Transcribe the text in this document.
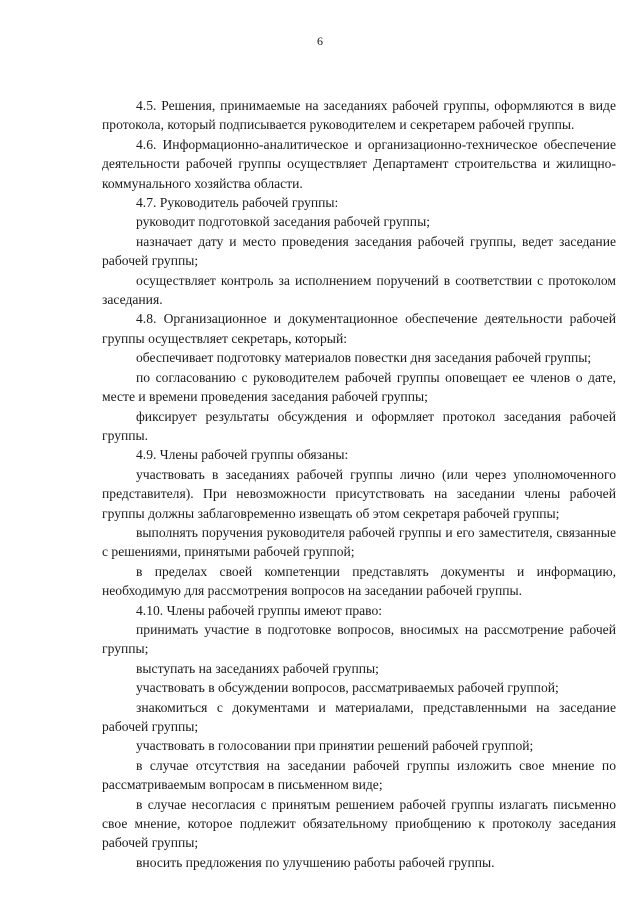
6

4.5. Решения, принимаемые на заседаниях рабочей группы, оформляются в виде протокола, который подписывается руководителем и секретарем рабочей группы.

4.6. Информационно-аналитическое и организационно-техническое обеспечение деятельности рабочей группы осуществляет Департамент строительства и жилищно-коммунального хозяйства области.

4.7. Руководитель рабочей группы:

руководит подготовкой заседания рабочей группы;

назначает дату и место проведения заседания рабочей группы, ведет заседание рабочей группы;

осуществляет контроль за исполнением поручений в соответствии с протоколом заседания.

4.8. Организационное и документационное обеспечение деятельности рабочей группы осуществляет секретарь, который:

обеспечивает подготовку материалов повестки дня заседания рабочей группы;

по согласованию с руководителем рабочей группы оповещает ее членов о дате, месте и времени проведения заседания рабочей группы;

фиксирует результаты обсуждения и оформляет протокол заседания рабочей группы.

4.9. Члены рабочей группы обязаны:

участвовать в заседаниях рабочей группы лично (или через уполномоченного представителя). При невозможности присутствовать на заседании члены рабочей группы должны заблаговременно извещать об этом секретаря рабочей группы;

выполнять поручения руководителя рабочей группы и его заместителя, связанные с решениями, принятыми рабочей группой;

в пределах своей компетенции представлять документы и информацию, необходимую для рассмотрения вопросов на заседании рабочей группы.

4.10. Члены рабочей группы имеют право:

принимать участие в подготовке вопросов, вносимых на рассмотрение рабочей группы;

выступать на заседаниях рабочей группы;

участвовать в обсуждении вопросов, рассматриваемых рабочей группой;

знакомиться с документами и материалами, представленными на заседание рабочей группы;

участвовать в голосовании при принятии решений рабочей группой;

в случае отсутствия на заседании рабочей группы изложить свое мнение по рассматриваемым вопросам в письменном виде;

в случае несогласия с принятым решением рабочей группы излагать письменно свое мнение, которое подлежит обязательному приобщению к протоколу заседания рабочей группы;

вносить предложения по улучшению работы рабочей группы.
